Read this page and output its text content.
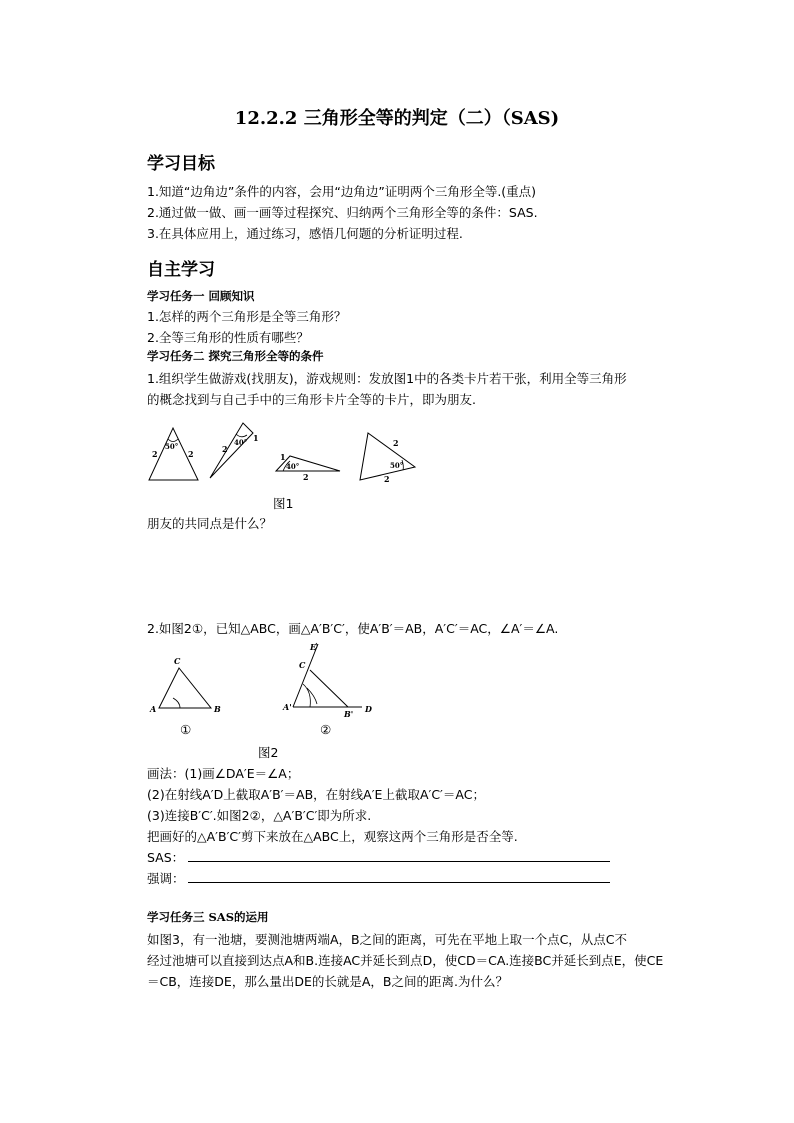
12.2.2 三角形全等的判定（二）（SAS)
学习目标
1.知道“边角边”条件的内容，会用“边角边”证明两个三角形全等.(重点)
2.通过做一做、画一画等过程探究、归纳两个三角形全等的条件：SAS.
3.在具体应用上，通过练习，感悟几何题的分析证明过程.
自主学习
学习任务一 回顾知识
1.怎样的两个三角形是全等三角形？
2.全等三角形的性质有哪些？
学习任务二 探究三角形全等的条件
1.组织学生做游戏(找朋友)，游戏规则：发放图1中的各类卡片若干张，利用全等三角形
的概念找到与自己手中的三角形卡片全等的卡片，即为朋友.
50°
2	2
40°
2
1
40°
1
2
50°
2
2
图1
朋友的共同点是什么？
2.如图2①，已知△ABC，画△A′B′C′，使A′B′＝AB，A′C′＝AC，∠A′＝∠A.
A	B
C
A'
B' D
E
C
①	②
图2
画法：(1)画∠DA′E＝∠A；
(2)在射线A′D上截取A′B′＝AB，在射线A′E上截取A′C′＝AC；
(3)连接B′C′.如图2②，△A′B′C′即为所求.
把画好的△A′B′C′剪下来放在△ABC上，观察这两个三角形是否全等.
SAS：
强调：
学习任务三 SAS的运用
如图3，有一池塘，要测池塘两端A，B之间的距离，可先在平地上取一个点C，从点C不
经过池塘可以直接到达点A和B.连接AC并延长到点D，使CD＝CA.连接BC并延长到点E，使CE
＝CB，连接DE，那么量出DE的长就是A，B之间的距离.为什么？
